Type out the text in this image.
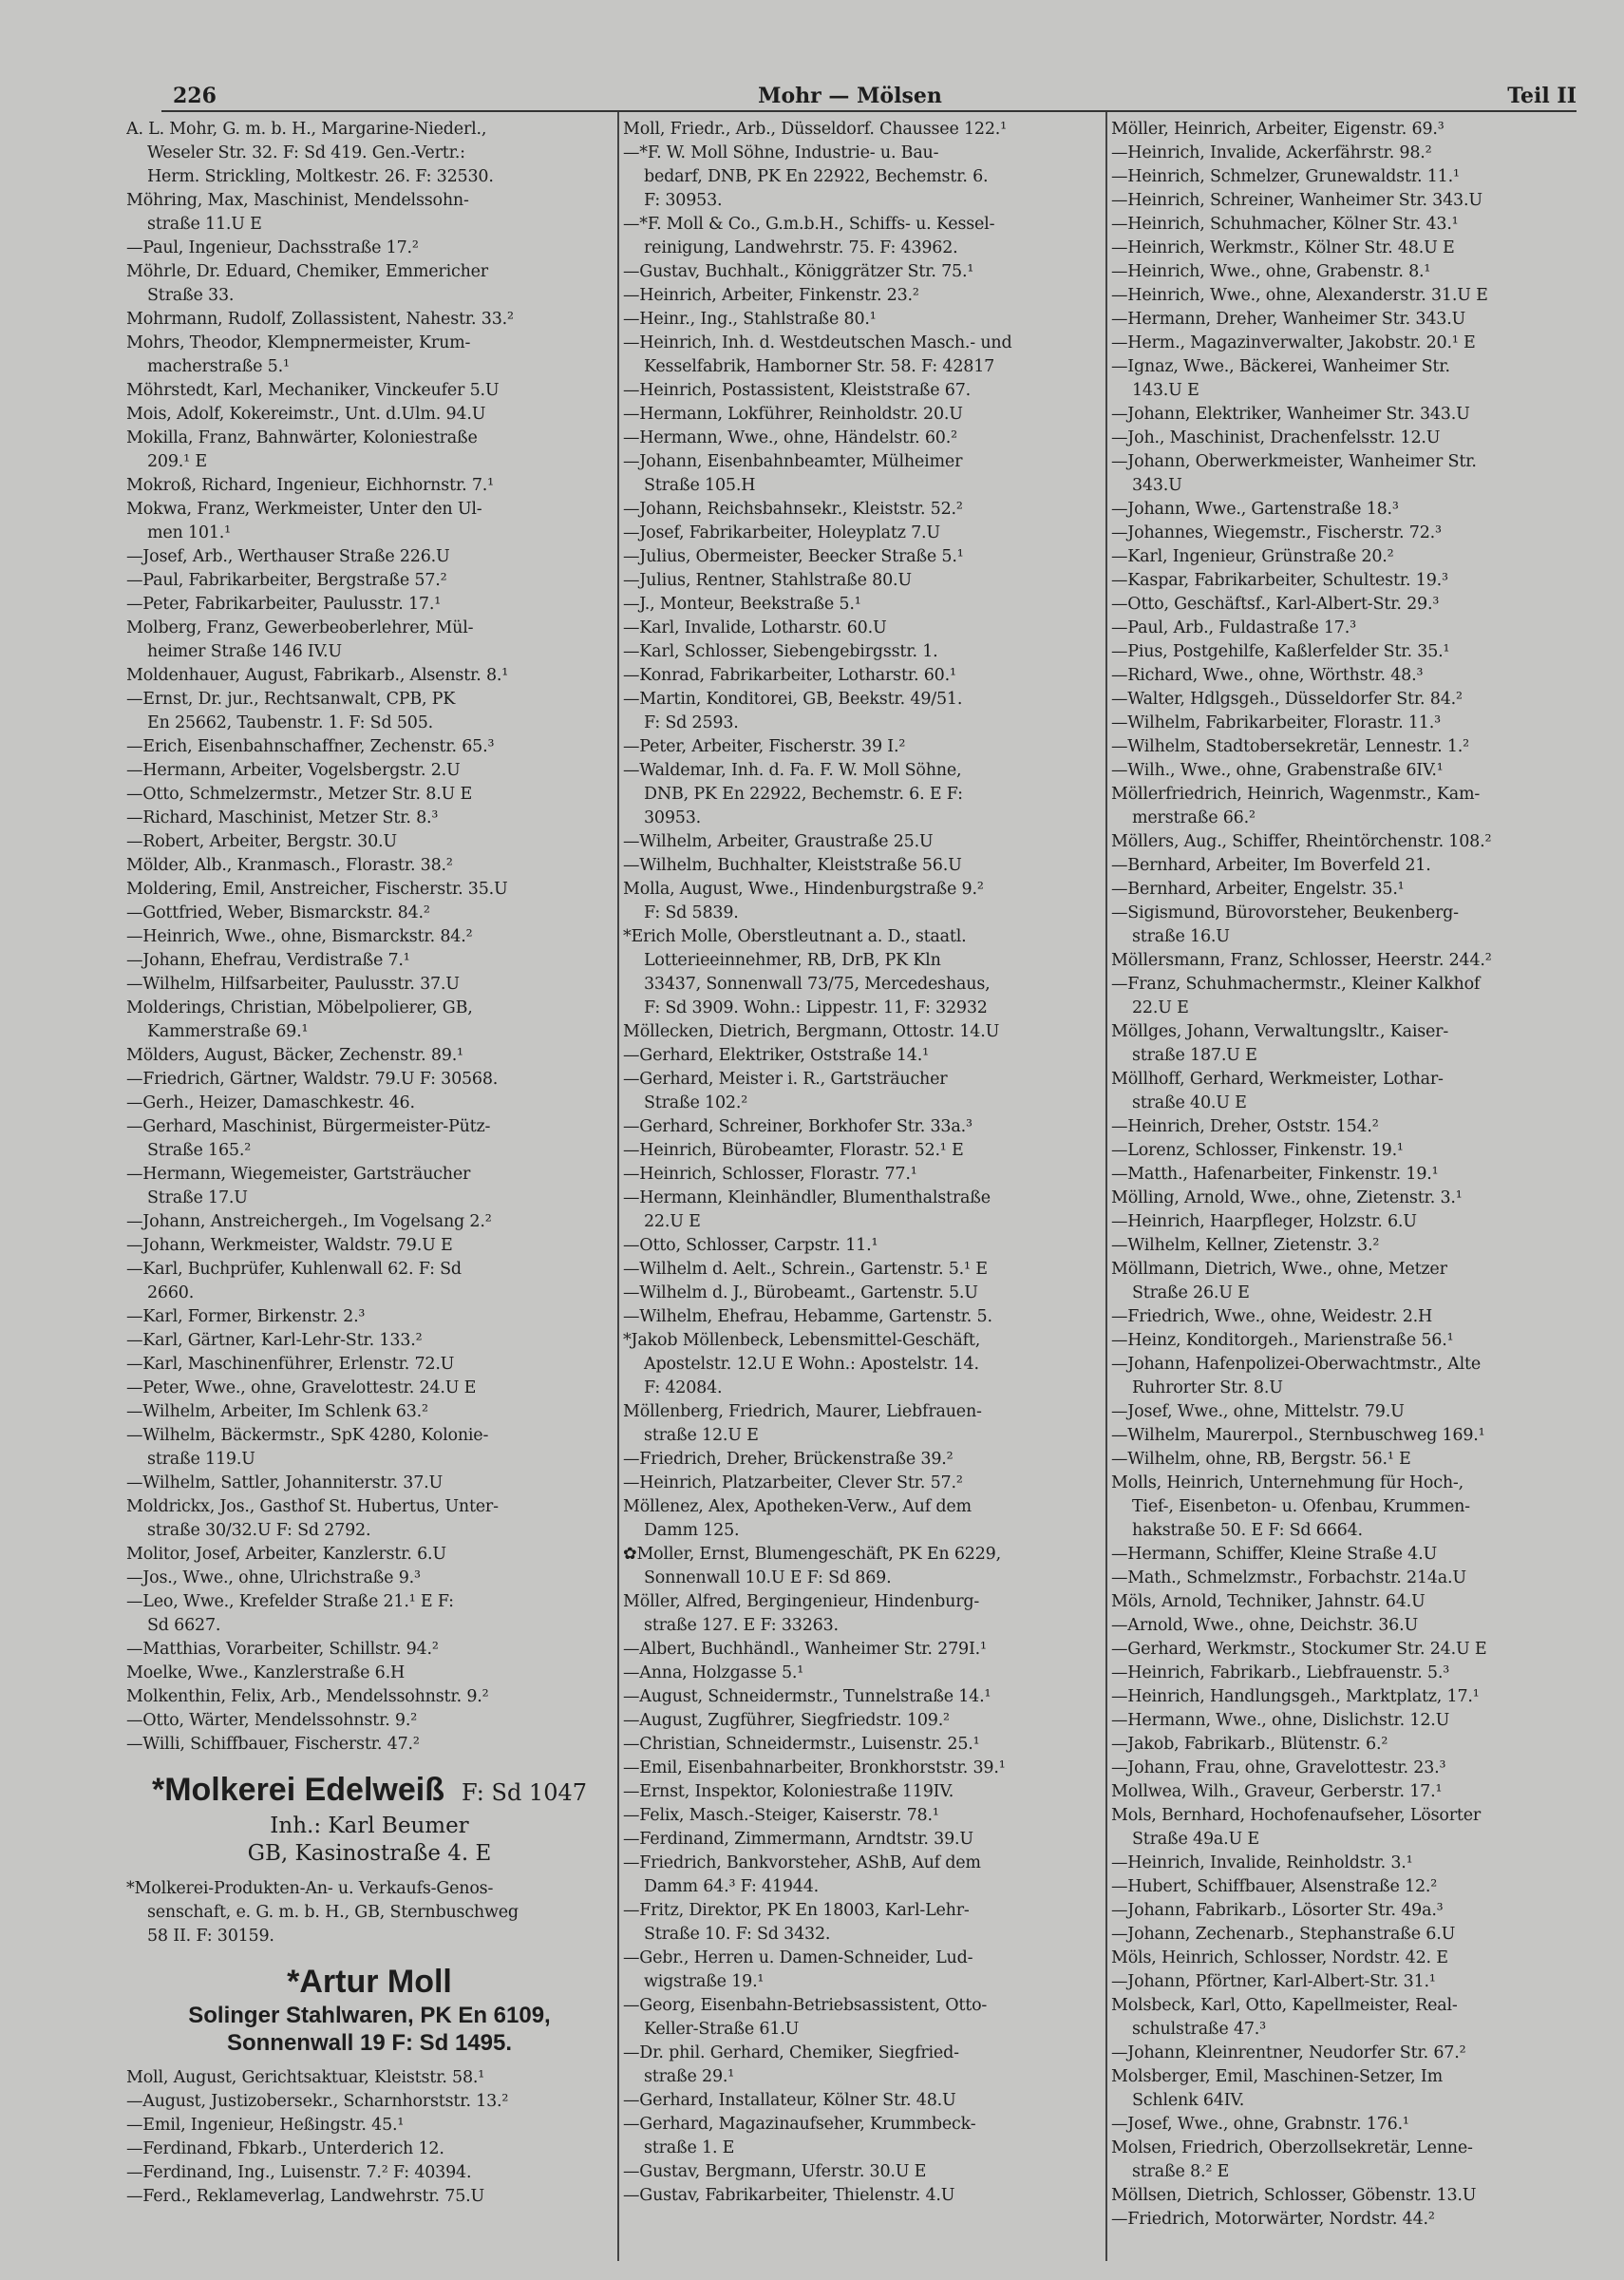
226	Mohr — Mölsen	Teil II
A. L. Mohr, G. m. b. H., Margarine-Niederl.,
Weseler Str. 32. F: Sd 419. Gen.-Vertr.:
Herm. Strickling, Moltkestr. 26. F: 32530.
Möhring, Max, Maschinist, Mendelssohn-
straße 11.U E
—Paul, Ingenieur, Dachsstraße 17.²
Möhrle, Dr. Eduard, Chemiker, Emmericher
Straße 33.
Mohrmann, Rudolf, Zollassistent, Nahestr. 33.²
Mohrs, Theodor, Klempnermeister, Krum-
macherstraße 5.¹
Möhrstedt, Karl, Mechaniker, Vinckeufer 5.U
Mois, Adolf, Kokereimstr., Unt. d.Ulm. 94.U
Mokilla, Franz, Bahnwärter, Koloniestraße
209.¹ E
Mokroß, Richard, Ingenieur, Eichhornstr. 7.¹
Mokwa, Franz, Werkmeister, Unter den Ul-
men 101.¹
—Josef, Arb., Werthauser Straße 226.U
—Paul, Fabrikarbeiter, Bergstraße 57.²
—Peter, Fabrikarbeiter, Paulusstr. 17.¹
Molberg, Franz, Gewerbeoberlehrer, Mül-
heimer Straße 146 IV.U
Moldenhauer, August, Fabrikarb., Alsenstr. 8.¹
—Ernst, Dr. jur., Rechtsanwalt, CPB, PK
En 25662, Taubenstr. 1. F: Sd 505.
—Erich, Eisenbahnschaffner, Zechenstr. 65.³
—Hermann, Arbeiter, Vogelsbergstr. 2.U
—Otto, Schmelzermstr., Metzer Str. 8.U E
—Richard, Maschinist, Metzer Str. 8.³
—Robert, Arbeiter, Bergstr. 30.U
Mölder, Alb., Kranmasch., Florastr. 38.²
Moldering, Emil, Anstreicher, Fischerstr. 35.U
—Gottfried, Weber, Bismarckstr. 84.²
—Heinrich, Wwe., ohne, Bismarckstr. 84.²
—Johann, Ehefrau, Verdistraße 7.¹
—Wilhelm, Hilfsarbeiter, Paulusstr. 37.U
Molderings, Christian, Möbelpolierer, GB,
Kammerstraße 69.¹
Mölders, August, Bäcker, Zechenstr. 89.¹
—Friedrich, Gärtner, Waldstr. 79.U F: 30568.
—Gerh., Heizer, Damaschkestr. 46.
—Gerhard, Maschinist, Bürgermeister-Pütz-
Straße 165.²
—Hermann, Wiegemeister, Gartsträucher
Straße 17.U
—Johann, Anstreichergeh., Im Vogelsang 2.²
—Johann, Werkmeister, Waldstr. 79.U E
—Karl, Buchprüfer, Kuhlenwall 62. F: Sd
2660.
—Karl, Former, Birkenstr. 2.³
—Karl, Gärtner, Karl-Lehr-Str. 133.²
—Karl, Maschinenführer, Erlenstr. 72.U
—Peter, Wwe., ohne, Gravelottestr. 24.U E
—Wilhelm, Arbeiter, Im Schlenk 63.²
—Wilhelm, Bäckermstr., SpK 4280, Kolonie-
straße 119.U
—Wilhelm, Sattler, Johanniterstr. 37.U
Moldrickx, Jos., Gasthof St. Hubertus, Unter-
straße 30/32.U F: Sd 2792.
Molitor, Josef, Arbeiter, Kanzlerstr. 6.U
—Jos., Wwe., ohne, Ulrichstraße 9.³
—Leo, Wwe., Krefelder Straße 21.¹ E F:
Sd 6627.
—Matthias, Vorarbeiter, Schillstr. 94.²
Moelke, Wwe., Kanzlerstraße 6.H
Molkenthin, Felix, Arb., Mendelssohnstr. 9.²
—Otto, Wärter, Mendelssohnstr. 9.²
—Willi, Schiffbauer, Fischerstr. 47.²
*Molkerei Edelweiß F: Sd 1047
Inh.: Karl Beumer
GB, Kasinostraße 4. E
*Molkerei-Produkten-An- u. Verkaufs-Genos-
senschaft, e. G. m. b. H., GB, Sternbuschweg
58 II. F: 30159.
*Artur Moll
Solinger Stahlwaren, PK En 6109,
Sonnenwall 19 F: Sd 1495.
Moll, August, Gerichtsaktuar, Kleiststr. 58.¹
—August, Justizobersekr., Scharnhorststr. 13.²
—Emil, Ingenieur, Heßingstr. 45.¹
—Ferdinand, Fbkarb., Unterderich 12.
—Ferdinand, Ing., Luisenstr. 7.² F: 40394.
—Ferd., Reklameverlag, Landwehrstr. 75.U
Moll, Friedr., Arb., Düsseldorf. Chaussee 122.¹
—*F. W. Moll Söhne, Industrie- u. Bau-
bedarf, DNB, PK En 22922, Bechemstr. 6.
F: 30953.
—*F. Moll & Co., G.m.b.H., Schiffs- u. Kessel-
reinigung, Landwehrstr. 75. F: 43962.
—Gustav, Buchhalt., Königgrätzer Str. 75.¹
—Heinrich, Arbeiter, Finkenstr. 23.²
—Heinr., Ing., Stahlstraße 80.¹
—Heinrich, Inh. d. Westdeutschen Masch.- und
Kesselfabrik, Hamborner Str. 58. F: 42817
—Heinrich, Postassistent, Kleiststraße 67.
—Hermann, Lokführer, Reinholdstr. 20.U
—Hermann, Wwe., ohne, Händelstr. 60.²
—Johann, Eisenbahnbeamter, Mülheimer
Straße 105.H
—Johann, Reichsbahnsekr., Kleiststr. 52.²
—Josef, Fabrikarbeiter, Holeyplatz 7.U
—Julius, Obermeister, Beecker Straße 5.¹
—Julius, Rentner, Stahlstraße 80.U
—J., Monteur, Beekstraße 5.¹
—Karl, Invalide, Lotharstr. 60.U
—Karl, Schlosser, Siebengebirgsstr. 1.
—Konrad, Fabrikarbeiter, Lotharstr. 60.¹
—Martin, Konditorei, GB, Beekstr. 49/51.
F: Sd 2593.
—Peter, Arbeiter, Fischerstr. 39 I.²
—Waldemar, Inh. d. Fa. F. W. Moll Söhne,
DNB, PK En 22922, Bechemstr. 6. E F:
30953.
—Wilhelm, Arbeiter, Graustraße 25.U
—Wilhelm, Buchhalter, Kleiststraße 56.U
Molla, August, Wwe., Hindenburgstraße 9.²
F: Sd 5839.
*Erich Molle, Oberstleutnant a. D., staatl.
Lotterieeinnehmer, RB, DrB, PK Kln
33437, Sonnenwall 73/75, Mercedeshaus,
F: Sd 3909. Wohn.: Lippestr. 11, F: 32932
Möllecken, Dietrich, Bergmann, Ottostr. 14.U
—Gerhard, Elektriker, Oststraße 14.¹
—Gerhard, Meister i. R., Gartsträucher
Straße 102.²
—Gerhard, Schreiner, Borkhofer Str. 33a.³
—Heinrich, Bürobeamter, Florastr. 52.¹ E
—Heinrich, Schlosser, Florastr. 77.¹
—Hermann, Kleinhändler, Blumenthalstraße
22.U E
—Otto, Schlosser, Carpstr. 11.¹
—Wilhelm d. Aelt., Schrein., Gartenstr. 5.¹ E
—Wilhelm d. J., Bürobeamt., Gartenstr. 5.U
—Wilhelm, Ehefrau, Hebamme, Gartenstr. 5.
*Jakob Möllenbeck, Lebensmittel-Geschäft,
Apostelstr. 12.U E Wohn.: Apostelstr. 14.
F: 42084.
Möllenberg, Friedrich, Maurer, Liebfrauen-
straße 12.U E
—Friedrich, Dreher, Brückenstraße 39.²
—Heinrich, Platzarbeiter, Clever Str. 57.²
Möllenez, Alex, Apotheken-Verw., Auf dem
Damm 125.
✿Moller, Ernst, Blumengeschäft, PK En 6229,
Sonnenwall 10.U E F: Sd 869.
Möller, Alfred, Bergingenieur, Hindenburg-
straße 127. E F: 33263.
—Albert, Buchhändl., Wanheimer Str. 279I.¹
—Anna, Holzgasse 5.¹
—August, Schneidermstr., Tunnelstraße 14.¹
—August, Zugführer, Siegfriedstr. 109.²
—Christian, Schneidermstr., Luisenstr. 25.¹
—Emil, Eisenbahnarbeiter, Bronkhorststr. 39.¹
—Ernst, Inspektor, Koloniestraße 119IV.
—Felix, Masch.-Steiger, Kaiserstr. 78.¹
—Ferdinand, Zimmermann, Arndtstr. 39.U
—Friedrich, Bankvorsteher, AShB, Auf dem
Damm 64.³ F: 41944.
—Fritz, Direktor, PK En 18003, Karl-Lehr-
Straße 10. F: Sd 3432.
—Gebr., Herren u. Damen-Schneider, Lud-
wigstraße 19.¹
—Georg, Eisenbahn-Betriebsassistent, Otto-
Keller-Straße 61.U
—Dr. phil. Gerhard, Chemiker, Siegfried-
straße 29.¹
—Gerhard, Installateur, Kölner Str. 48.U
—Gerhard, Magazinaufseher, Krummbeck-
straße 1. E
—Gustav, Bergmann, Uferstr. 30.U E
—Gustav, Fabrikarbeiter, Thielenstr. 4.U
Möller, Heinrich, Arbeiter, Eigenstr. 69.³
—Heinrich, Invalide, Ackerfährstr. 98.²
—Heinrich, Schmelzer, Grunewaldstr. 11.¹
—Heinrich, Schreiner, Wanheimer Str. 343.U
—Heinrich, Schuhmacher, Kölner Str. 43.¹
—Heinrich, Werkmstr., Kölner Str. 48.U E
—Heinrich, Wwe., ohne, Grabenstr. 8.¹
—Heinrich, Wwe., ohne, Alexanderstr. 31.U E
—Hermann, Dreher, Wanheimer Str. 343.U
—Herm., Magazinverwalter, Jakobstr. 20.¹ E
—Ignaz, Wwe., Bäckerei, Wanheimer Str.
143.U E
—Johann, Elektriker, Wanheimer Str. 343.U
—Joh., Maschinist, Drachenfelsstr. 12.U
—Johann, Oberwerkmeister, Wanheimer Str.
343.U
—Johann, Wwe., Gartenstraße 18.³
—Johannes, Wiegemstr., Fischerstr. 72.³
—Karl, Ingenieur, Grünstraße 20.²
—Kaspar, Fabrikarbeiter, Schultestr. 19.³
—Otto, Geschäftsf., Karl-Albert-Str. 29.³
—Paul, Arb., Fuldastraße 17.³
—Pius, Postgehilfe, Kaßlerfelder Str. 35.¹
—Richard, Wwe., ohne, Wörthstr. 48.³
—Walter, Hdlgsgeh., Düsseldorfer Str. 84.²
—Wilhelm, Fabrikarbeiter, Florastr. 11.³
—Wilhelm, Stadtobersekretär, Lennestr. 1.²
—Wilh., Wwe., ohne, Grabenstraße 6IV.¹
Möllerfriedrich, Heinrich, Wagenmstr., Kam-
merstraße 66.²
Möllers, Aug., Schiffer, Rheintörchenstr. 108.²
—Bernhard, Arbeiter, Im Boverfeld 21.
—Bernhard, Arbeiter, Engelstr. 35.¹
—Sigismund, Bürovorsteher, Beukenberg-
straße 16.U
Möllersmann, Franz, Schlosser, Heerstr. 244.²
—Franz, Schuhmachermstr., Kleiner Kalkhof
22.U E
Möllges, Johann, Verwaltungsltr., Kaiser-
straße 187.U E
Möllhoff, Gerhard, Werkmeister, Lothar-
straße 40.U E
—Heinrich, Dreher, Oststr. 154.²
—Lorenz, Schlosser, Finkenstr. 19.¹
—Matth., Hafenarbeiter, Finkenstr. 19.¹
Mölling, Arnold, Wwe., ohne, Zietenstr. 3.¹
—Heinrich, Haarpfleger, Holzstr. 6.U
—Wilhelm, Kellner, Zietenstr. 3.²
Möllmann, Dietrich, Wwe., ohne, Metzer
Straße 26.U E
—Friedrich, Wwe., ohne, Weidestr. 2.H
—Heinz, Konditorgeh., Marienstraße 56.¹
—Johann, Hafenpolizei-Oberwachtmstr., Alte
Ruhrorter Str. 8.U
—Josef, Wwe., ohne, Mittelstr. 79.U
—Wilhelm, Maurerpol., Sternbuschweg 169.¹
—Wilhelm, ohne, RB, Bergstr. 56.¹ E
Molls, Heinrich, Unternehmung für Hoch-,
Tief-, Eisenbeton- u. Ofenbau, Krummen-
hakstraße 50. E F: Sd 6664.
—Hermann, Schiffer, Kleine Straße 4.U
—Math., Schmelzmstr., Forbachstr. 214a.U
Möls, Arnold, Techniker, Jahnstr. 64.U
—Arnold, Wwe., ohne, Deichstr. 36.U
—Gerhard, Werkmstr., Stockumer Str. 24.U E
—Heinrich, Fabrikarb., Liebfrauenstr. 5.³
—Heinrich, Handlungsgeh., Marktplatz, 17.¹
—Hermann, Wwe., ohne, Dislichstr. 12.U
—Jakob, Fabrikarb., Blütenstr. 6.²
—Johann, Frau, ohne, Gravelottestr. 23.³
Mollwea, Wilh., Graveur, Gerberstr. 17.¹
Mols, Bernhard, Hochofenaufseher, Lösorter
Straße 49a.U E
—Heinrich, Invalide, Reinholdstr. 3.¹
—Hubert, Schiffbauer, Alsenstraße 12.²
—Johann, Fabrikarb., Lösorter Str. 49a.³
—Johann, Zechenarb., Stephanstraße 6.U
Möls, Heinrich, Schlosser, Nordstr. 42. E
—Johann, Pförtner, Karl-Albert-Str. 31.¹
Molsbeck, Karl, Otto, Kapellmeister, Real-
schulstraße 47.³
—Johann, Kleinrentner, Neudorfer Str. 67.²
Molsberger, Emil, Maschinen-Setzer, Im
Schlenk 64IV.
—Josef, Wwe., ohne, Grabnstr. 176.¹
Molsen, Friedrich, Oberzollsekretär, Lenne-
straße 8.² E
Möllsen, Dietrich, Schlosser, Göbenstr. 13.U
—Friedrich, Motorwärter, Nordstr. 44.²
